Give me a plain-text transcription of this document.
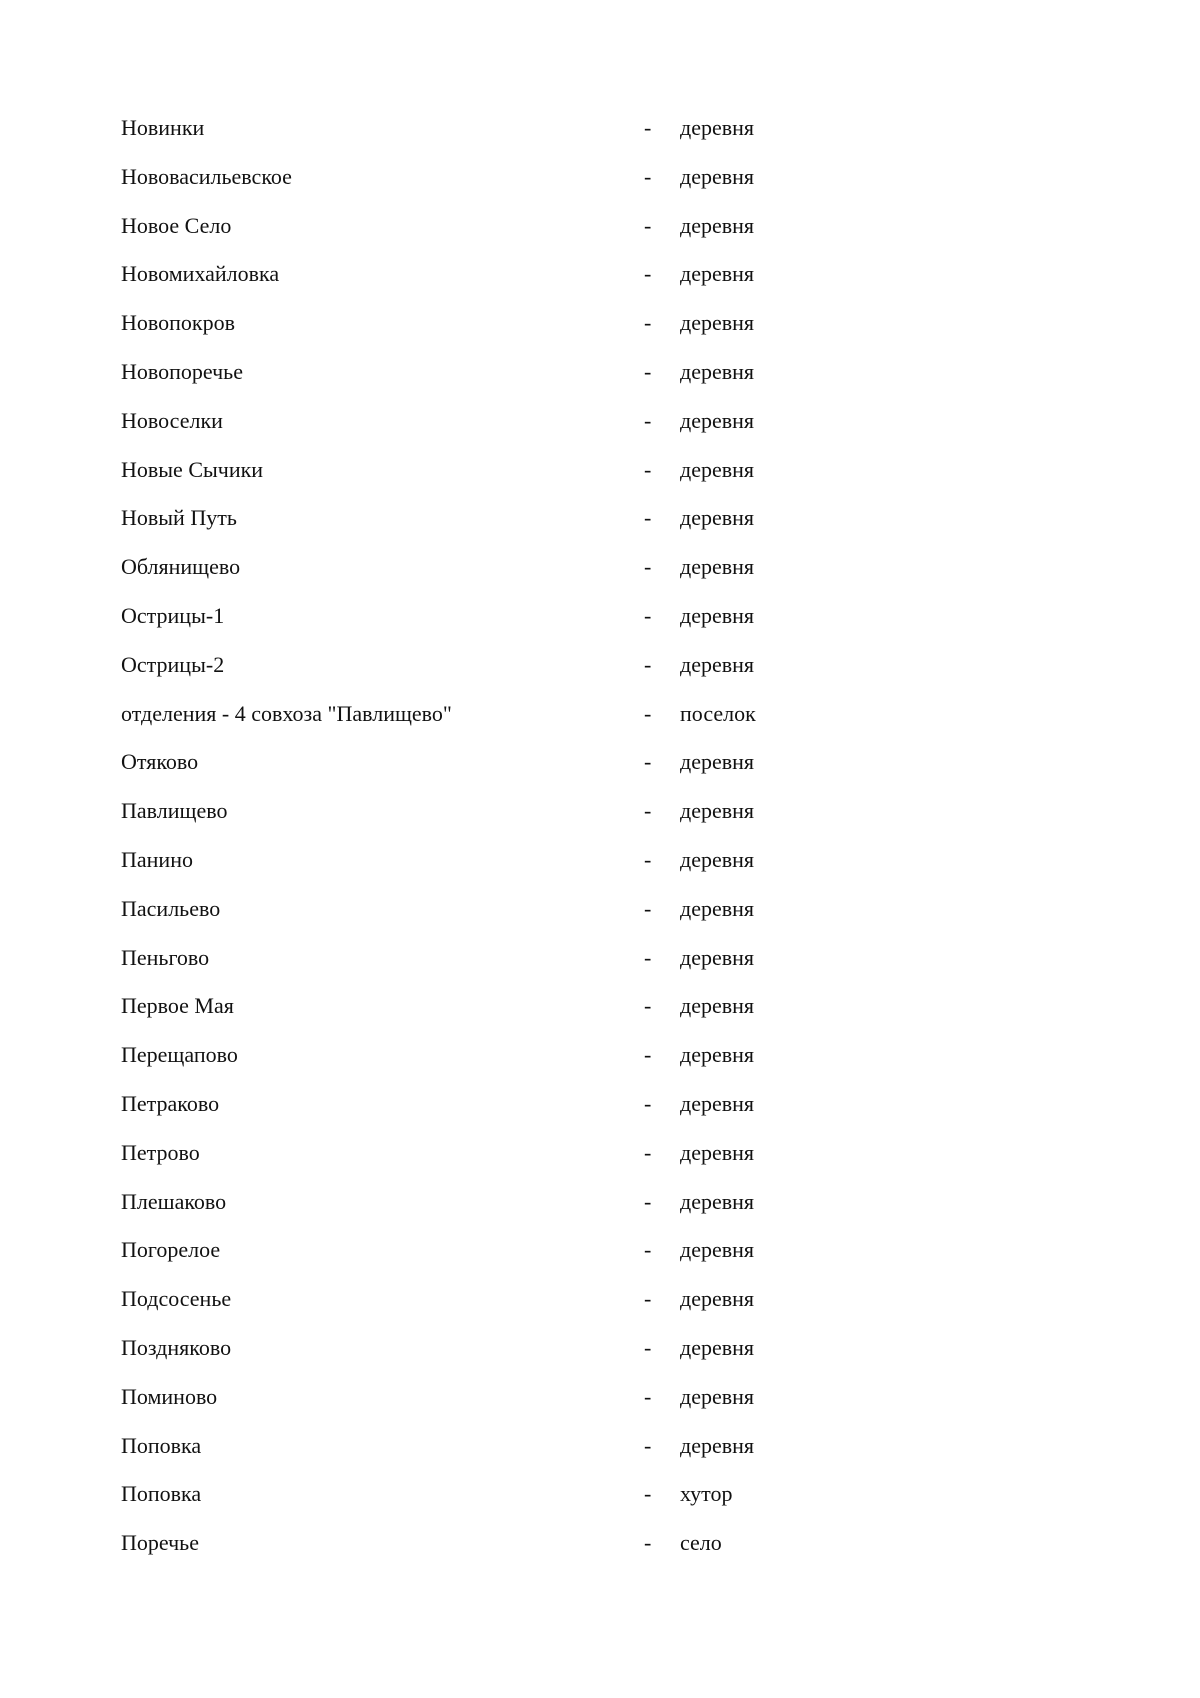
Новинки	- деревня
Нововасильевское	- деревня
Новое Село	- деревня
Новомихайловка	- деревня
Новопокров	- деревня
Новопоречье	- деревня
Новоселки	- деревня
Новые Сычики	- деревня
Новый Путь	- деревня
Облянищево	- деревня
Острицы-1	- деревня
Острицы-2	- деревня
отделения - 4 совхоза "Павлищево"	- поселок
Отяково	- деревня
Павлищево	- деревня
Панино	- деревня
Пасильево	- деревня
Пеньгово	- деревня
Первое Мая	- деревня
Перещапово	- деревня
Петраково	- деревня
Петрово	- деревня
Плешаково	- деревня
Погорелое	- деревня
Подсосенье	- деревня
Поздняково	- деревня
Поминово	- деревня
Поповка	- деревня
Поповка	- хутор
Поречье	- село
